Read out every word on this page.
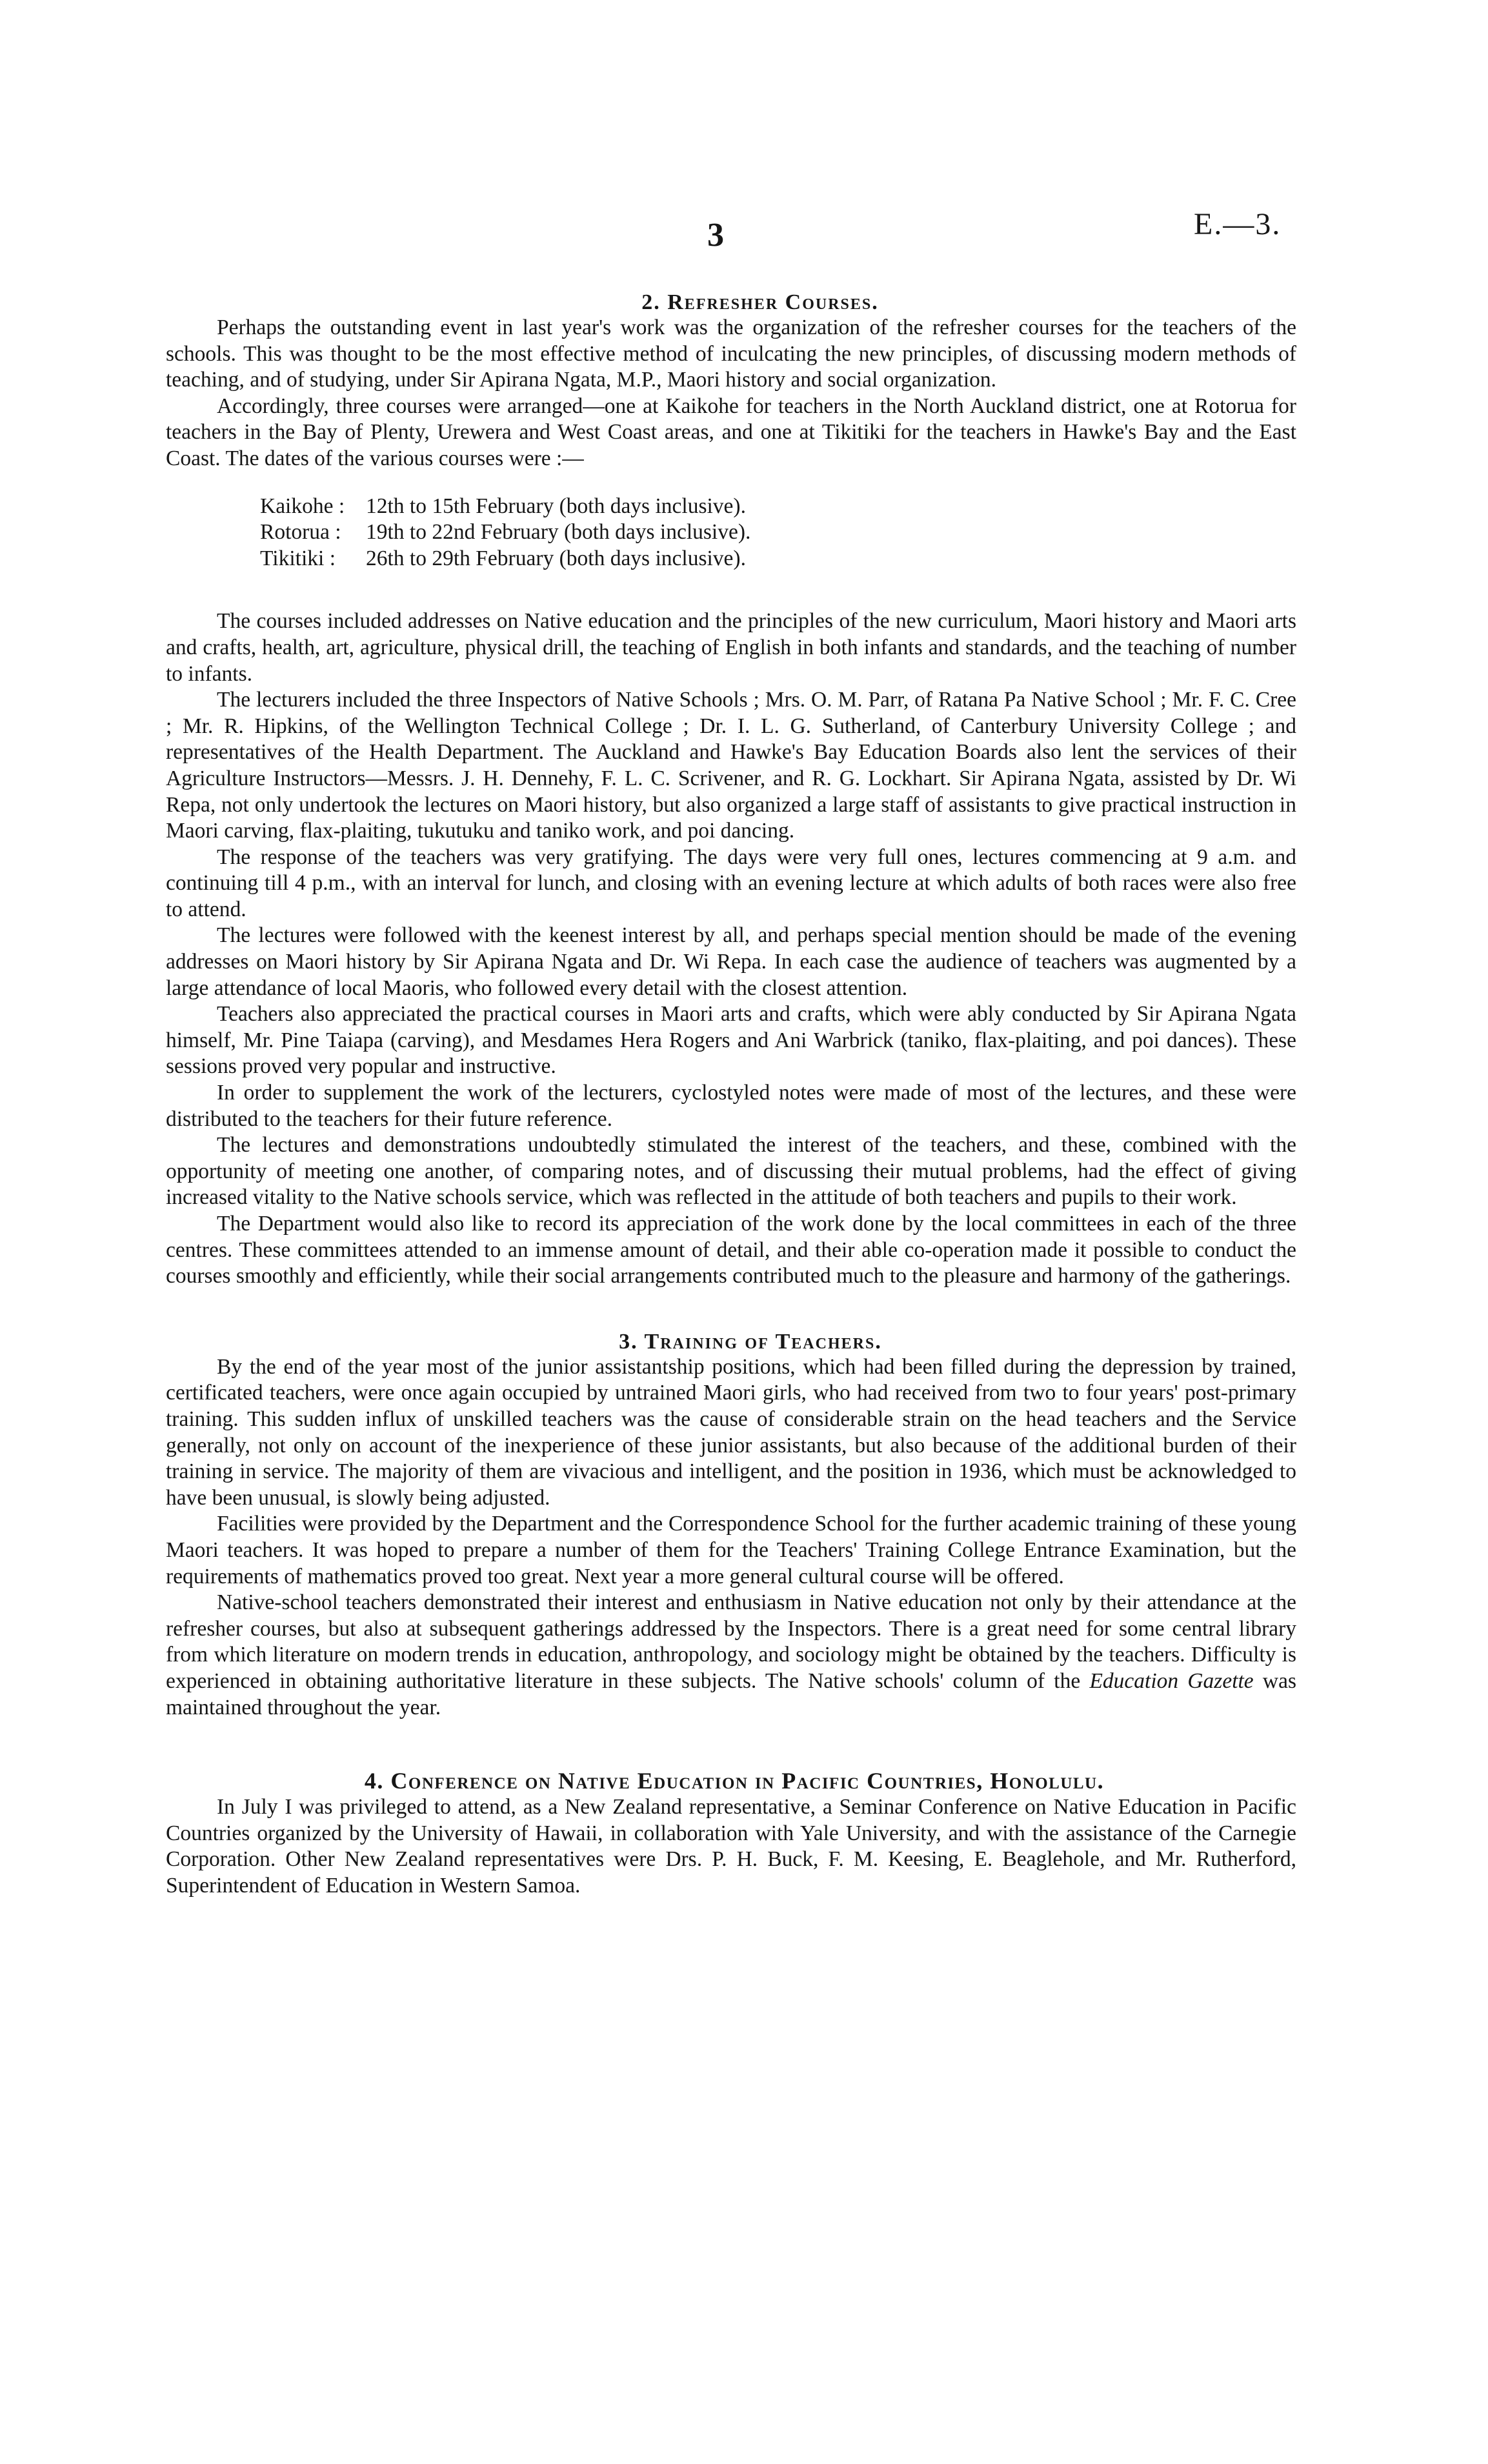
3	E.—3.
2. Refresher Courses.

Perhaps the outstanding event in last year's work was the organization of the refresher courses for the teachers of the schools. This was thought to be the most effective method of inculcating the new principles, of discussing modern methods of teaching, and of studying, under Sir Apirana Ngata, M.P., Maori history and social organization.

Accordingly, three courses were arranged—one at Kaikohe for teachers in the North Auckland district, one at Rotorua for teachers in the Bay of Plenty, Urewera and West Coast areas, and one at Tikitiki for the teachers in Hawke's Bay and the East Coast. The dates of the various courses were :—

Kaikohe : 12th to 15th February (both days inclusive).
Rotorua :	19th to 22nd February (both days inclusive).
Tikitiki :	26th to 29th February (both days inclusive).

The courses included addresses on Native education and the principles of the new curriculum, Maori history and Maori arts and crafts, health, art, agriculture, physical drill, the teaching of English in both infants and standards, and the teaching of number to infants.

The lecturers included the three Inspectors of Native Schools ; Mrs. O. M. Parr, of Ratana Pa Native School ; Mr. F. C. Cree ; Mr. R. Hipkins, of the Wellington Technical College ; Dr. I. L. G. Sutherland, of Canterbury University College ; and representatives of the Health Department. The Auckland and Hawke's Bay Education Boards also lent the services of their Agriculture Instructors—Messrs. J. H. Dennehy, F. L. C. Scrivener, and R. G. Lockhart. Sir Apirana Ngata, assisted by Dr. Wi Repa, not only undertook the lectures on Maori history, but also organized a large staff of assistants to give practical instruction in Maori carving, flax-plaiting, tukutuku and taniko work, and poi dancing.

The response of the teachers was very gratifying. The days were very full ones, lectures commencing at 9 a.m. and continuing till 4 p.m., with an interval for lunch, and closing with an evening lecture at which adults of both races were also free to attend.

The lectures were followed with the keenest interest by all, and perhaps special mention should be made of the evening addresses on Maori history by Sir Apirana Ngata and Dr. Wi Repa. In each case the audience of teachers was augmented by a large attendance of local Maoris, who followed every detail with the closest attention.

Teachers also appreciated the practical courses in Maori arts and crafts, which were ably conducted by Sir Apirana Ngata himself, Mr. Pine Taiapa (carving), and Mesdames Hera Rogers and Ani Warbrick (taniko, flax-plaiting, and poi dances). These sessions proved very popular and instructive.

In order to supplement the work of the lecturers, cyclostyled notes were made of most of the lectures, and these were distributed to the teachers for their future reference.

The lectures and demonstrations undoubtedly stimulated the interest of the teachers, and these, combined with the opportunity of meeting one another, of comparing notes, and of discussing their mutual problems, had the effect of giving increased vitality to the Native schools service, which was reflected in the attitude of both teachers and pupils to their work.

The Department would also like to record its appreciation of the work done by the local committees in each of the three centres. These committees attended to an immense amount of detail, and their able co-operation made it possible to conduct the courses smoothly and efficiently, while their social arrangements contributed much to the pleasure and harmony of the gatherings.

3. Training of Teachers.

By the end of the year most of the junior assistantship positions, which had been filled during the depression by trained, certificated teachers, were once again occupied by untrained Maori girls, who had received from two to four years' post-primary training. This sudden influx of unskilled teachers was the cause of considerable strain on the head teachers and the Service generally, not only on account of the inexperience of these junior assistants, but also because of the additional burden of their training in service. The majority of them are vivacious and intelligent, and the position in 1936, which must be acknowledged to have been unusual, is slowly being adjusted.

Facilities were provided by the Department and the Correspondence School for the further academic training of these young Maori teachers. It was hoped to prepare a number of them for the Teachers' Training College Entrance Examination, but the requirements of mathematics proved too great. Next year a more general cultural course will be offered.

Native-school teachers demonstrated their interest and enthusiasm in Native education not only by their attendance at the refresher courses, but also at subsequent gatherings addressed by the Inspectors. There is a great need for some central library from which literature on modern trends in education, anthropology, and sociology might be obtained by the teachers. Difficulty is experienced in obtaining authoritative literature in these subjects. The Native schools' column of the Education Gazette was maintained throughout the year.

4. Conference on Native Education in Pacific Countries, Honolulu.

In July I was privileged to attend, as a New Zealand representative, a Seminar Conference on Native Education in Pacific Countries organized by the University of Hawaii, in collaboration with Yale University, and with the assistance of the Carnegie Corporation. Other New Zealand representatives were Drs. P. H. Buck, F. M. Keesing, E. Beaglehole, and Mr. Rutherford, Superintendent of Education in Western Samoa.
